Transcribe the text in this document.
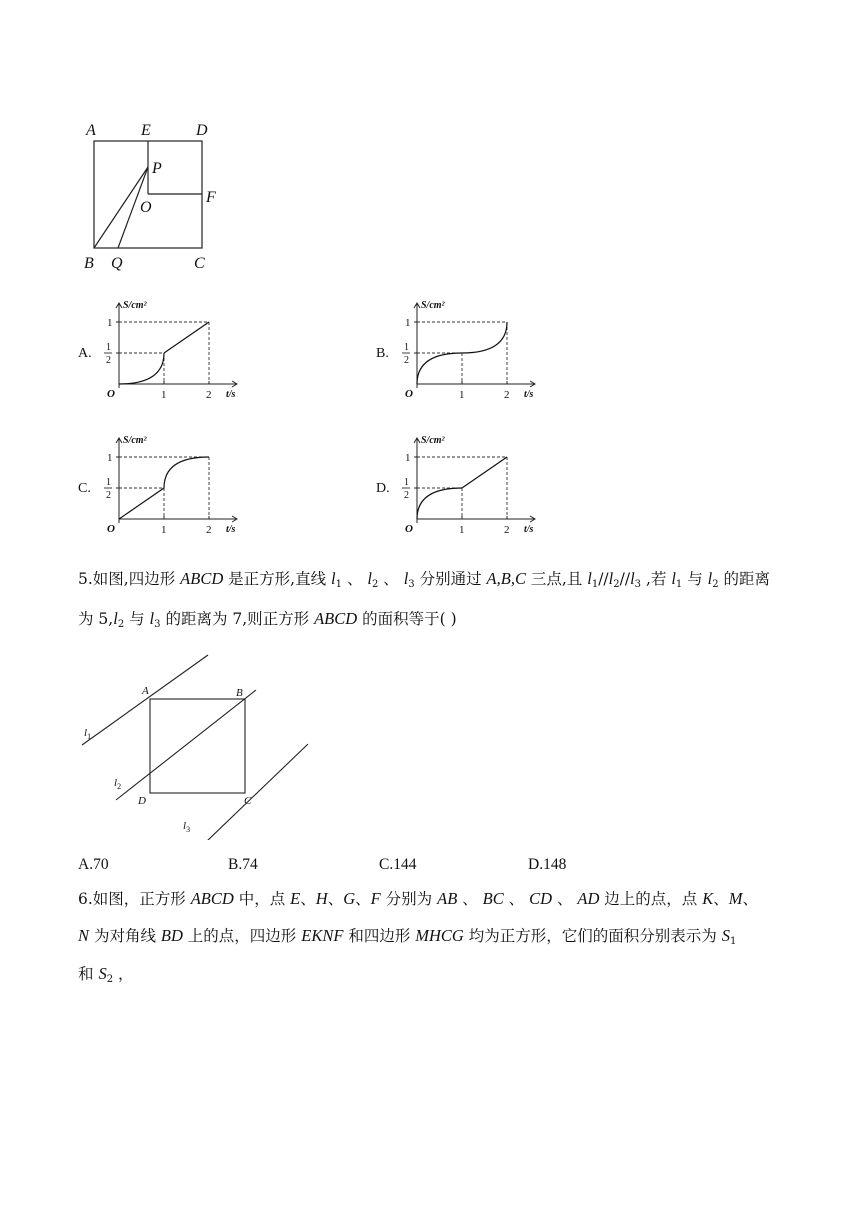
A	E	D
P
O
F
B Q	C
A.
S/cm²
t/s
1
1
2
1	2
O
B.
S/cm²
t/s
1
1
2
1	2
O
C.
S/cm²
t/s
1
1
2
1	2
O
D.
S/cm²
t/s
1
1
2
1	2
O

5.如图,四边形 ABCD 是正方形,直线 $l_1$ 、 $l_2$ 、 $l_3$ 分别通过 A,B,C 三点,且 $l_1//l_2//l_3$ ,若 $l_1$ 与 $l_2$ 的距离

为 $5,l_2$ 与 $l_3$ 的距离为 7,则正方形 ABCD 的面积等于( )

A	B
D	C
$l_1$
$l_2$
$l_3$
A.70	B.74	C.144	D.148

6.如图，正方形 ABCD 中，点 E、H、G、F 分别为 AB 、 BC 、 CD 、 AD 边上的点，点 K、M、

N 为对角线 BD 上的点，四边形 EKNF 和四边形 MHCG 均为正方形，它们的面积分别表示为 $S_1$

和 $S_2$ ，
